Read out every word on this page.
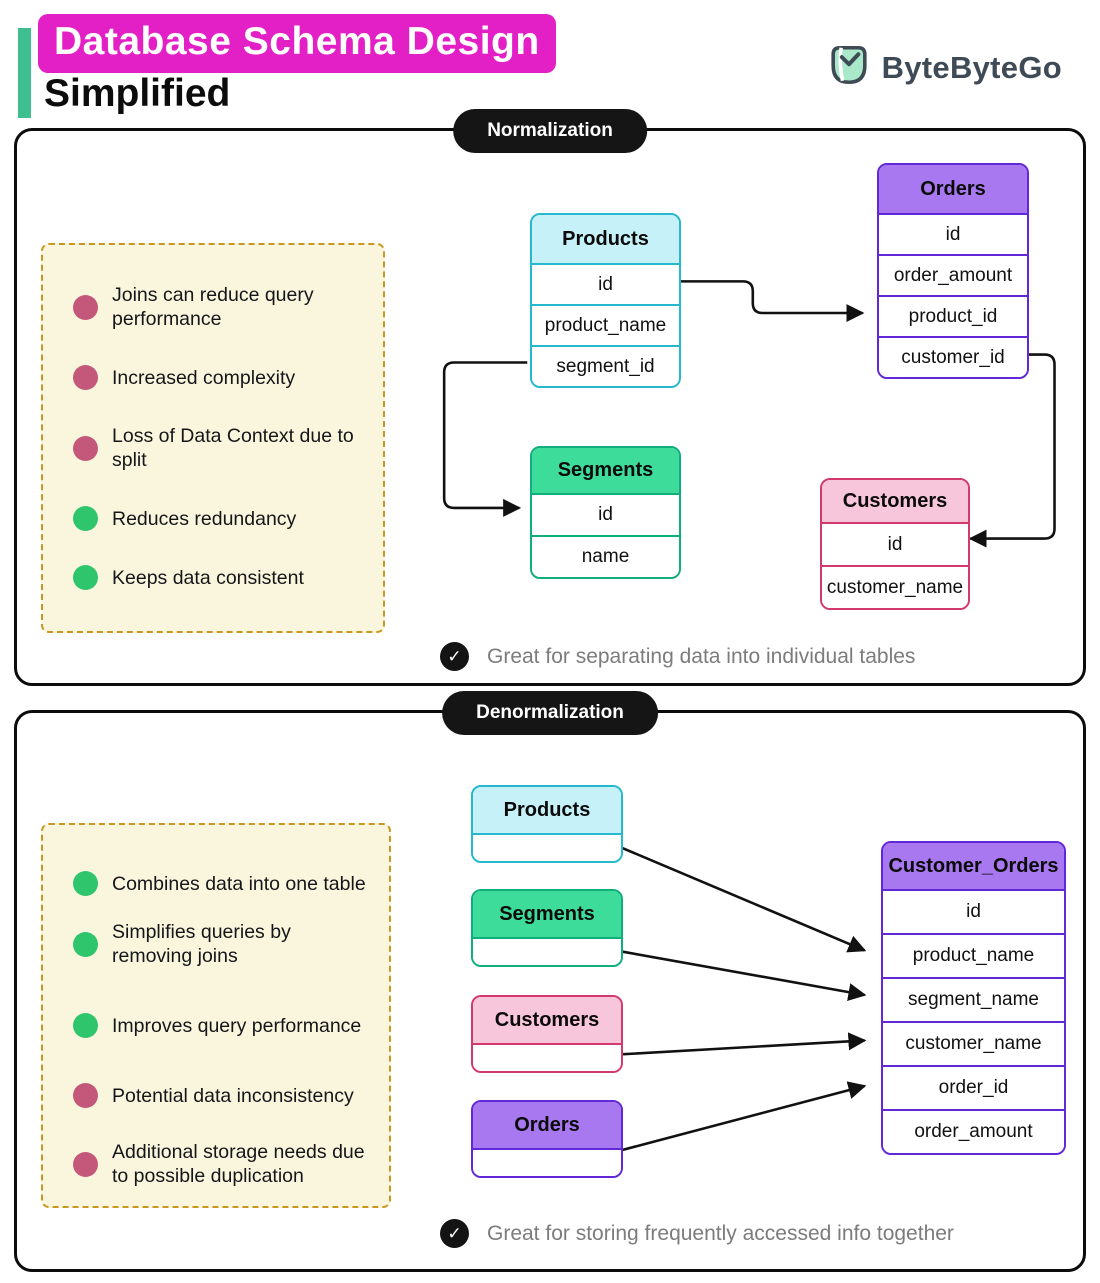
Database Schema Design
Simplified
ByteByteGo
Normalization
Joins can reduce query performance
Increased complexity
Loss of Data Context due to split
Reduces redundancy
Keeps data consistent
Products
id
product_name
segment_id
Orders
id
order_amount
product_id
customer_id
Segments
id
name
Customers
id
customer_name
✓	Great for separating data into individual tables
Denormalization
Combines data into one table
Simplifies queries by removing joins
Improves query performance
Potential data inconsistency
Additional storage needs due to possible duplication
Products
Segments
Customers
Orders
Customer_Orders
id
product_name
segment_name
customer_name
order_id
order_amount
✓	Great for storing frequently accessed info together
